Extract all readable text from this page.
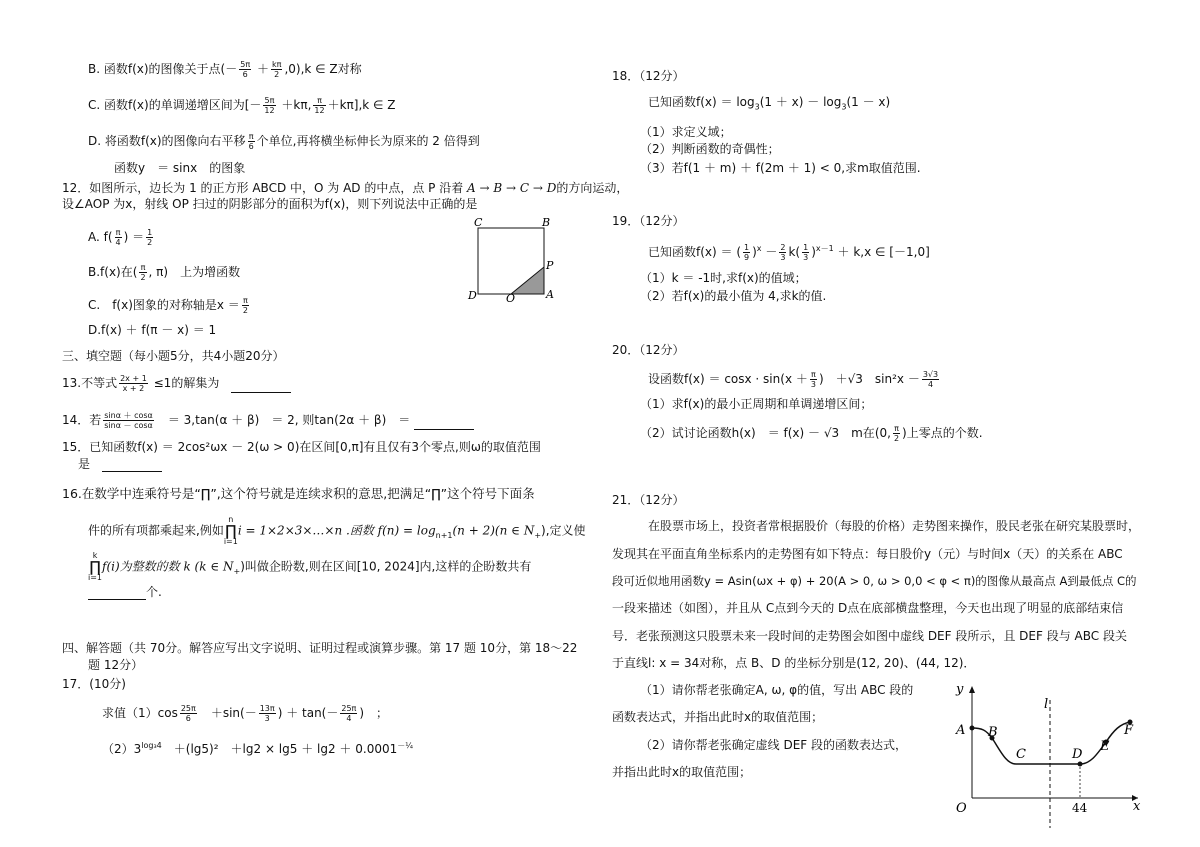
B. 函数f(x)的图像关于点(－ $\frac{5\pi}{6} + \frac{k\pi}{2} ,0),k$ ∈ Z对称
C. 函数f(x)的单调递增区间为[－ $\frac{5\pi}{12} +k\pi$, $\frac{\pi}{12} +k\pi],k$ ∈ Z
D. 将函数f(x)的图像向右平移 $\frac{\pi}{6}$ 个单位,再将横坐标伸长为原来的 2 倍得到
函数y　＝ sinx　的图象
12．如图所示，边长为 1 的正方形 ABCD 中，O 为 AD 的中点，点 P 沿着 A → B → C → D的方向运动，
设∠AOP 为x，射线 OP 扫过的阴影部分的面积为f(x)，则下列说法中正确的是
A. $f( \frac{\pi}{4}$ ) ＝ $\frac{1}{2}$
B.f(x)在( $\frac{\pi}{2}$ , π)　上为增函数
C.　f(x)图象的对称轴是$x = \frac{\pi}{2}$
D.f(x) ＋ f(π － x) ＝ 1
C	B
P
A
D	O
三、填空题（每小题5分，共4小题20分）
13.不等式 $\frac{2x + 1}{x + 2} \le 1$的解集为　
14．若 $\frac{\sin\alpha + \cos\alpha}{\sin\alpha - \cos\alpha}$ 　＝ 3,tan(α ＋ β)　＝ 2, 则tan(2α ＋ β)　＝
15．已知函数f(x) ＝ 2cos²ωx － 2(ω > 0)在区间[0,π]有且仅有3个零点,则ω的取值范围
是　
16.在数学中连乘符号是“∏”,这个符号就是连续求积的意思,把满足“∏”这个符号下面条
件的所有项都乘起来,例如
n
∏
i=1
i = 1×2×3×…×n .函数 $f(n) = \log_{n+1}(n + 2)(n$ ∈ $N_+$),定义使
k
∏
i=1
f(i)为整数的数 k (k ∈ $N_+$)叫做企盼数,则在区间[10, 2024]内,这样的企盼数共有
个.
四、解答题（共 70分。解答应写出文字说明、证明过程或演算步骤。第 17 题 10分，第 18～22
题 12分）
17．(10分)
求值$(1)\cos \frac{25\pi}{6}$ 　$+\sin(- \frac{13\pi}{3}$ ) ＋ $\tan(- \frac{25\pi}{4}$ )　；
$(2)3^{log_34}$　＋(lg5)²　$+\lg 2 \times \lg 5 + \lg 2 + 0.0001^{-\frac{1}{4}}$
18．（12分）
已知函数$f(x) = \log_3(1 + x) - \log_3(1 - x)$
（1）求定义域；
（2）判断函数的奇偶性；
（3）若f(1 ＋ m) ＋ f(2m ＋ 1) < 0,求m取值范围.
19．（12分）
已知函数f(x) ＝ ( $\frac{1}{9} )^x - \frac{2}{3} k( \frac{1}{3} )^{x-1} + k,x$ ∈ [－1,0]
（1）k ＝ -1时,求f(x)的值域；
（2）若f(x)的最小值为 4,求k的值.
20．（12分）
设函数$f(x) = \cos x \cdot \sin(x + \frac{\pi}{3}$ )　＋√3　$\sin^2x - \frac{3√3}{4}$
（1）求f(x)的最小正周期和单调递增区间；
（2）试讨论函数h(x)　＝ f(x) － √3　m在(0, $\frac{\pi}{2}$ )上零点的个数.
21．（12分）
在股票市场上，投资者常根据股价（每股的价格）走势图来操作，股民老张在研究某股票时，
发现其在平面直角坐标系内的走势图有如下特点：每日股价y（元）与时间x（天）的关系在 ABC
段可近似地用函数y = Asin(ωx + φ) + 20(A > 0, ω > 0,0 < φ < π)的图像从最高点 A到最低点 C的
一段来描述（如图），并且从 C点到今天的 D点在底部横盘整理，今天也出现了明显的底部结束信
号．老张预测这只股票未来一段时间的走势图会如图中虚线 DEF 段所示，且 DEF 段与 ABC 段关
于直线l: x = 34对称，点 B、D 的坐标分别是(12, 20)、(44, 12)．
（1）请你帮老张确定A, ω, φ的值，写出 ABC 段的
函数表达式，并指出此时x的取值范围；
（2）请你帮老张确定虚线 DEF 段的函数表达式，
并指出此时x的取值范围；
y
x
l
A B
C	D
E
F
O	44
